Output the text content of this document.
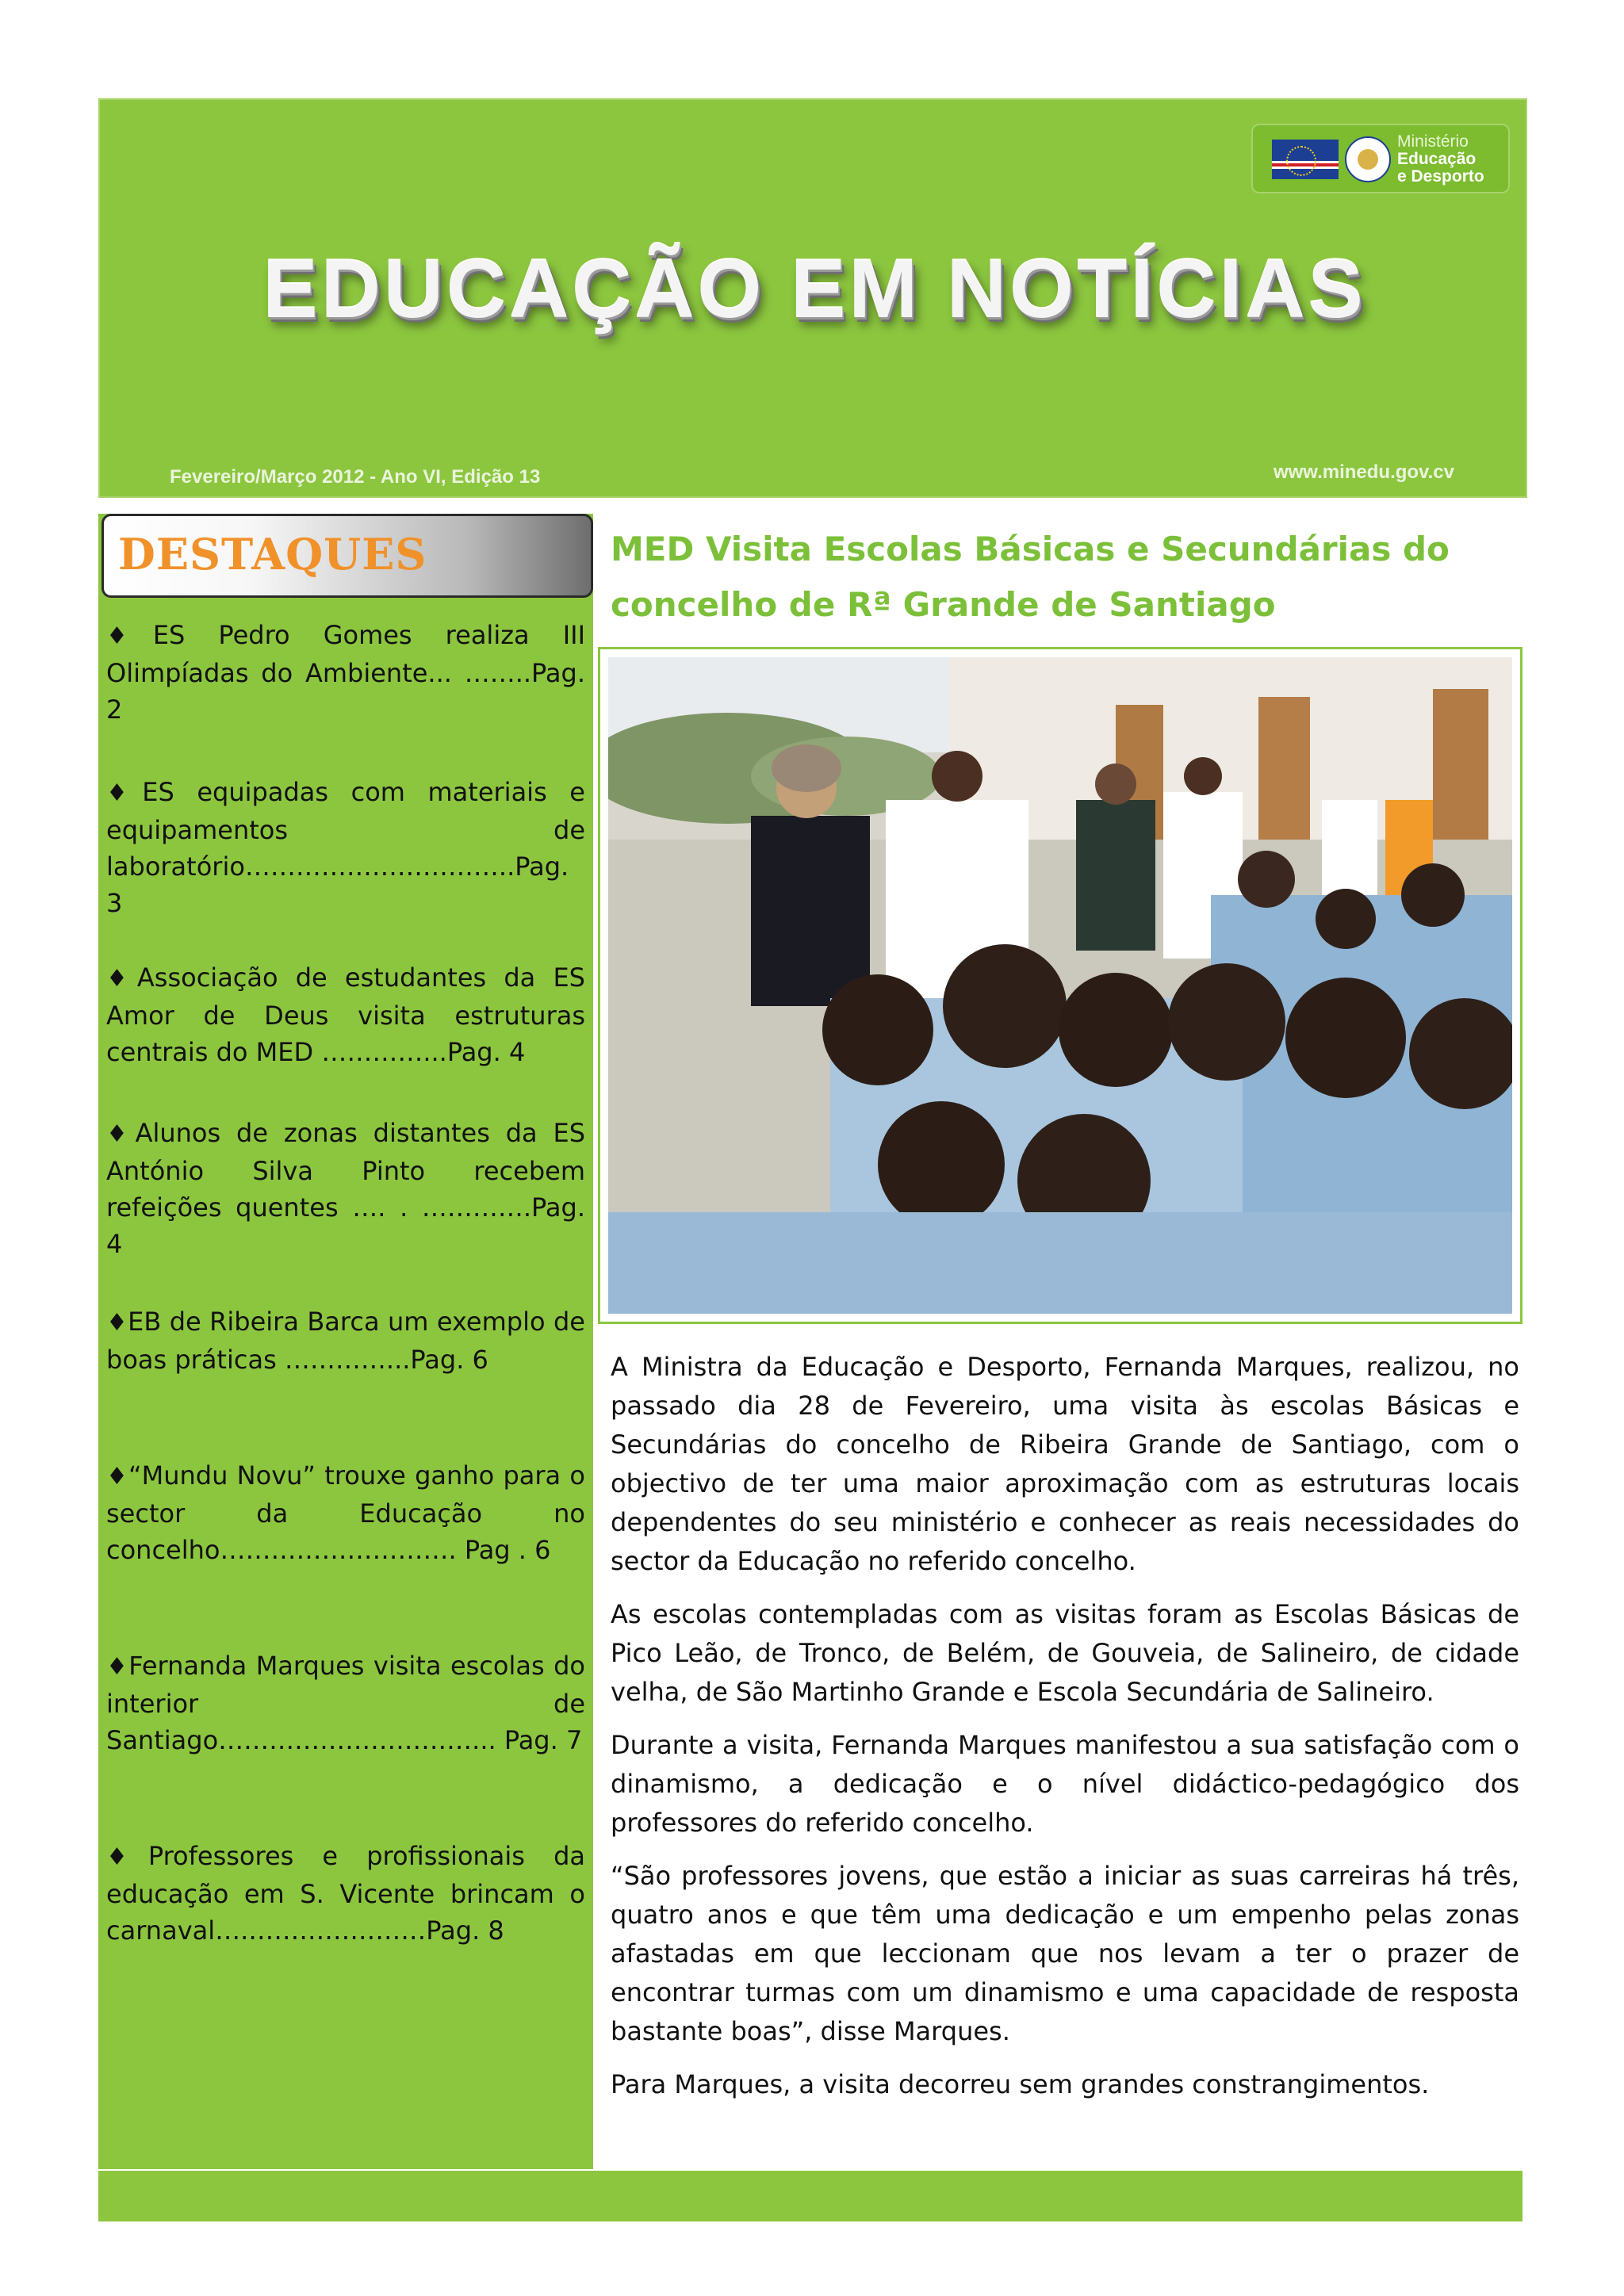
Ministério
Educação
e Desporto
EDUCAÇÃO EM NOTÍCIAS
Fevereiro/Março 2012 - Ano VI, Edição 13	www.minedu.gov.cv
DESTAQUES
♦ES Pedro Gomes realiza III Olimpíadas do Ambiente... ……..Pag. 2
♦ES equipadas com materiais e equipamentos de laboratório…………………………..Pag. 3
♦Associação de estudantes da ES Amor de Deus visita estruturas centrais do MED …………...Pag. 4
♦Alunos de zonas distantes da ES António Silva Pinto recebem refeições quentes …. . ………….Pag. 4
♦EB de Ribeira Barca um exemplo de boas práticas …………...Pag. 6
♦“Mundu Novu” trouxe ganho para o sector da Educação no concelho………………………. Pag . 6
♦Fernanda Marques visita escolas do interior de Santiago…………………………... Pag. 7
♦Professores e profissionais da educação em S. Vicente brincam o carnaval….…………………Pag. 8
MED Visita Escolas Básicas e Secundárias do concelho de Rª Grande de Santiago

A Ministra da Educação e Desporto, Fernanda Marques, realizou, no passado dia 28 de Fevereiro, uma visita às escolas Básicas e Secundárias do concelho de Ribeira Grande de Santiago, com o objectivo de ter uma maior aproximação com as estruturas locais dependentes do seu ministério e conhecer as reais necessidades do sector da Educação no referido concelho.

As escolas contempladas com as visitas foram as Escolas Básicas de Pico Leão, de Tronco, de Belém, de Gouveia, de Salineiro, de cidade velha, de São Martinho Grande e Escola Secundária de Salineiro.

Durante a visita, Fernanda Marques manifestou a sua satisfação com o dinamismo, a dedicação e o nível didáctico-pedagógico dos professores do referido concelho.

“São professores jovens, que estão a iniciar as suas carreiras há três, quatro anos e que têm uma dedicação e um empenho pelas zonas afastadas em que leccionam que nos levam a ter o prazer de encontrar turmas com um dinamismo e uma capacidade de resposta bastante boas”, disse Marques.

Para Marques, a visita decorreu sem grandes constrangimentos.
